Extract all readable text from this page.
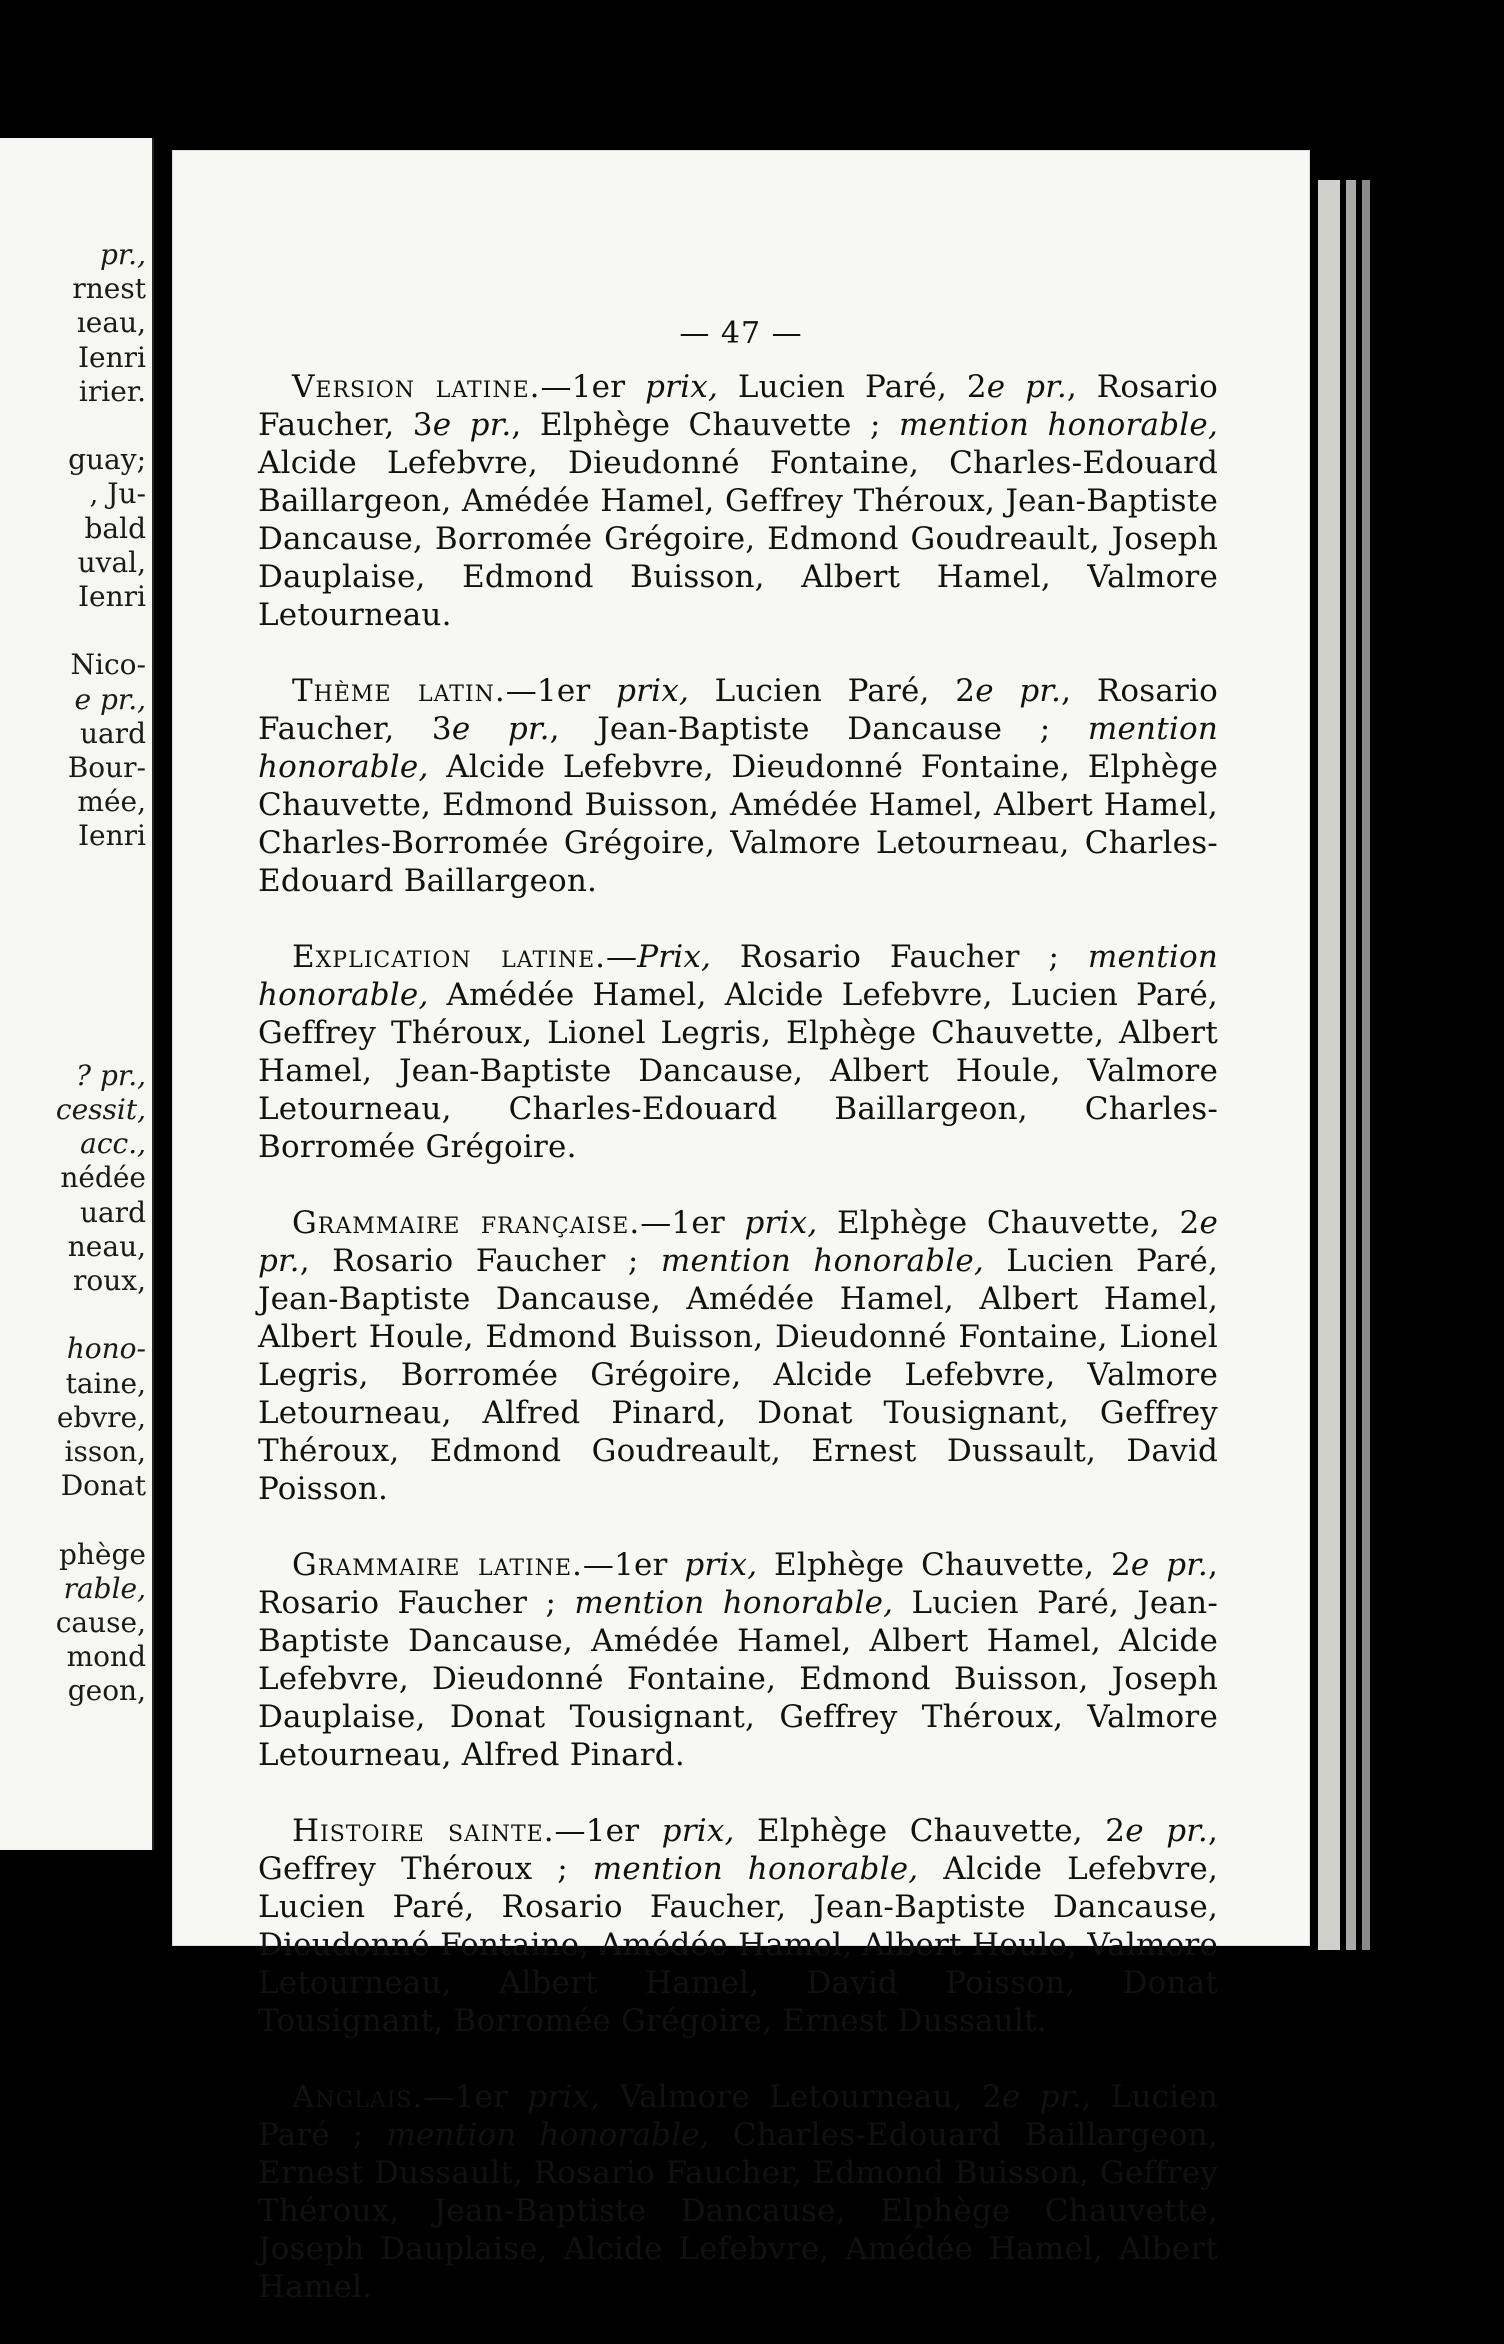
pr.,
rnest
ıeau,
Ienri
irier.
guay;
, Ju-
bald
uval,
Ienri
Nico-
e pr.,
uard
Bour-
mée,
Ienri
? pr.,
cessit,
acc.,
nédée
uard
neau,
roux,
hono-
taine,
ebvre,
isson,
Donat
phège
rable,
cause,
mond
geon,
— 47 —

Version latine.—1er prix, Lucien Paré, 2e pr., Rosario Faucher, 3e pr., Elphège Chauvette ; mention honorable, Alcide Lefebvre, Dieudonné Fontaine, Charles-Edouard Baillargeon, Amédée Hamel, Geffrey Théroux, Jean-Baptiste Dancause, Borromée Grégoire, Edmond Goudreault, Joseph Dauplaise, Edmond Buisson, Albert Hamel, Valmore Letourneau.

Thème latin.—1er prix, Lucien Paré, 2e pr., Rosario Faucher, 3e pr., Jean-Baptiste Dancause ; mention honorable, Alcide Lefebvre, Dieudonné Fontaine, Elphège Chauvette, Edmond Buisson, Amédée Hamel, Albert Hamel, Charles-Borromée Grégoire, Valmore Letourneau, Charles-Edouard Baillargeon.

Explication latine.—Prix, Rosario Faucher ; mention honorable, Amédée Hamel, Alcide Lefebvre, Lucien Paré, Geffrey Théroux, Lionel Legris, Elphège Chauvette, Albert Hamel, Jean-Baptiste Dancause, Albert Houle, Valmore Letourneau, Charles-Edouard Baillargeon, Charles-Borromée Grégoire.

Grammaire française.—1er prix, Elphège Chauvette, 2e pr., Rosario Faucher ; mention honorable, Lucien Paré, Jean-Baptiste Dancause, Amédée Hamel, Albert Hamel, Albert Houle, Edmond Buisson, Dieudonné Fontaine, Lionel Legris, Borromée Grégoire, Alcide Lefebvre, Valmore Letourneau, Alfred Pinard, Donat Tousignant, Geffrey Théroux, Edmond Goudreault, Ernest Dussault, David Poisson.

Grammaire latine.—1er prix, Elphège Chauvette, 2e pr., Rosario Faucher ; mention honorable, Lucien Paré, Jean-Baptiste Dancause, Amédée Hamel, Albert Hamel, Alcide Lefebvre, Dieudonné Fontaine, Edmond Buisson, Joseph Dauplaise, Donat Tousignant, Geffrey Théroux, Valmore Letourneau, Alfred Pinard.

Histoire sainte.—1er prix, Elphège Chauvette, 2e pr., Geffrey Théroux ; mention honorable, Alcide Lefebvre, Lucien Paré, Rosario Faucher, Jean-Baptiste Dancause, Dieudonné Fontaine, Amédée Hamel, Albert Houle, Valmore Letourneau, Albert Hamel, David Poisson, Donat Tousignant, Borromée Grégoire, Ernest Dussault.

Anglais.—1er prix, Valmore Letourneau, 2e pr., Lucien Paré ; mention honorable, Charles-Edouard Baillargeon, Ernest Dussault, Rosario Faucher, Edmond Buisson, Geffrey Théroux, Jean-Baptiste Dancause, Elphège Chauvette, Joseph Dauplaise, Alcide Lefebvre, Amédée Hamel, Albert Hamel.
